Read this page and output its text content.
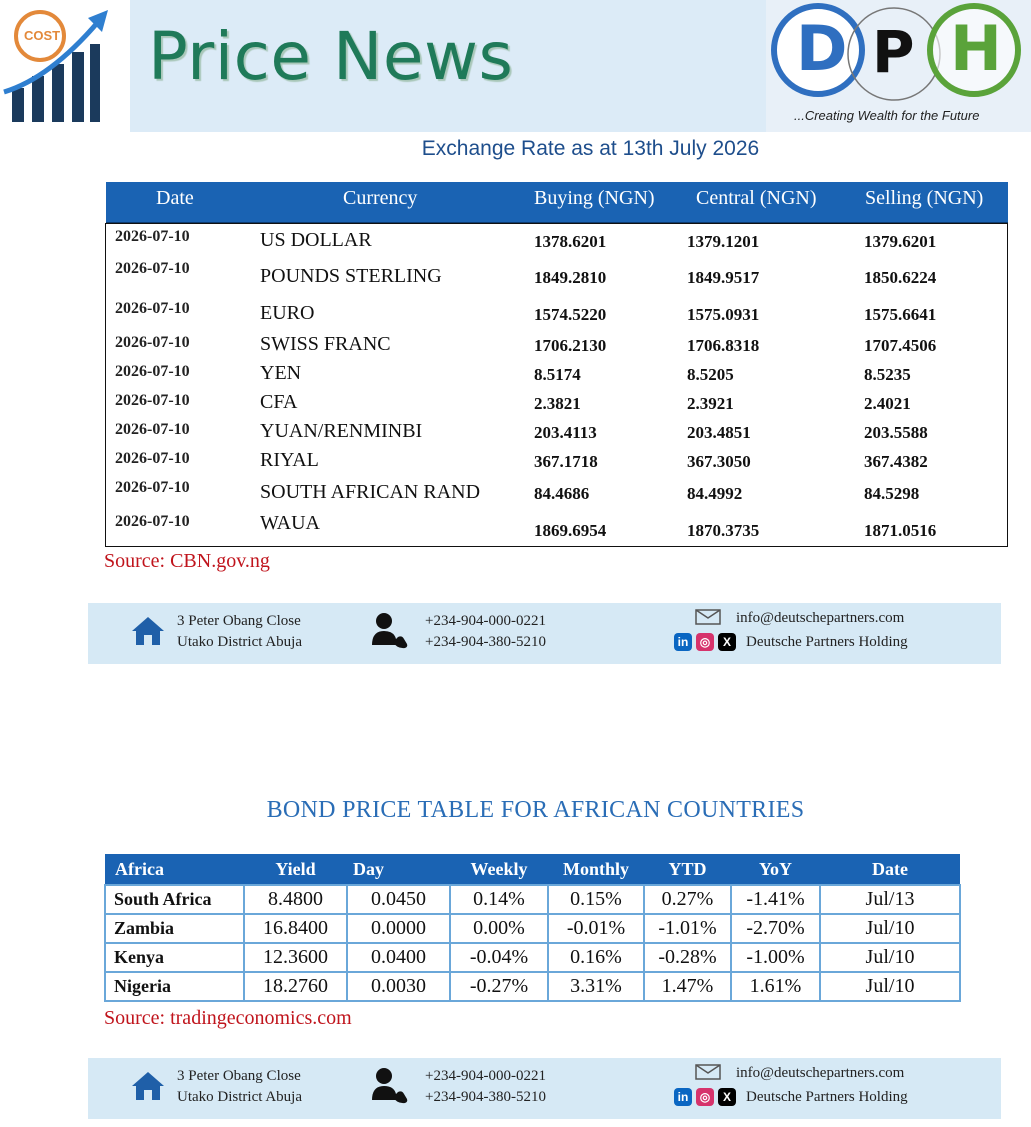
COST Price News	D P H
...Creating Wealth for the Future
Exchange Rate as at 13th July 2026
Date	Currency	Buying (NGN) Central (NGN) Selling (NGN)
2026-07-10	US DOLLAR	1378.6201	1379.1201	1379.6201
2026-07-10	POUNDS STERLING	1849.2810	1849.9517	1850.6224
2026-07-10	EURO	1574.5220	1575.0931	1575.6641
2026-07-10	SWISS FRANC	1706.2130	1706.8318	1707.4506
2026-07-10	YEN	8.5174	8.5205	8.5235
2026-07-10	CFA	2.3821	2.3921	2.4021
2026-07-10	YUAN/RENMINBI	203.4113	203.4851	203.5588
2026-07-10	RIYAL	367.1718	367.3050	367.4382
2026-07-10	SOUTH AFRICAN RAND	84.4686	84.4992	84.5298
2026-07-10	WAUA	1869.6954	1870.3735	1871.0516
Source: CBN.gov.ng
3 Peter Obang Close
Utako District Abuja
+234-904-000-0221
+234-904-380-5210
info@deutschepartners.com
in ◎	X	Deutsche Partners Holding
BOND PRICE TABLE FOR AFRICAN COUNTRIES
Africa	Yield	Day	Weekly	Monthly	YTD	YoY	Date
South Africa	8.4800	0.0450	0.14%	0.15%	0.27%	-1.41%	Jul/13
Zambia	16.8400	0.0000	0.00%	-0.01%	-1.01%	-2.70%	Jul/10
Kenya	12.3600	0.0400	-0.04%	0.16%	-0.28%	-1.00%	Jul/10
Nigeria	18.2760	0.0030	-0.27%	3.31%	1.47%	1.61%	Jul/10
Source: tradingeconomics.com
3 Peter Obang Close
Utako District Abuja
+234-904-000-0221
+234-904-380-5210
info@deutschepartners.com
in ◎	X	Deutsche Partners Holding
